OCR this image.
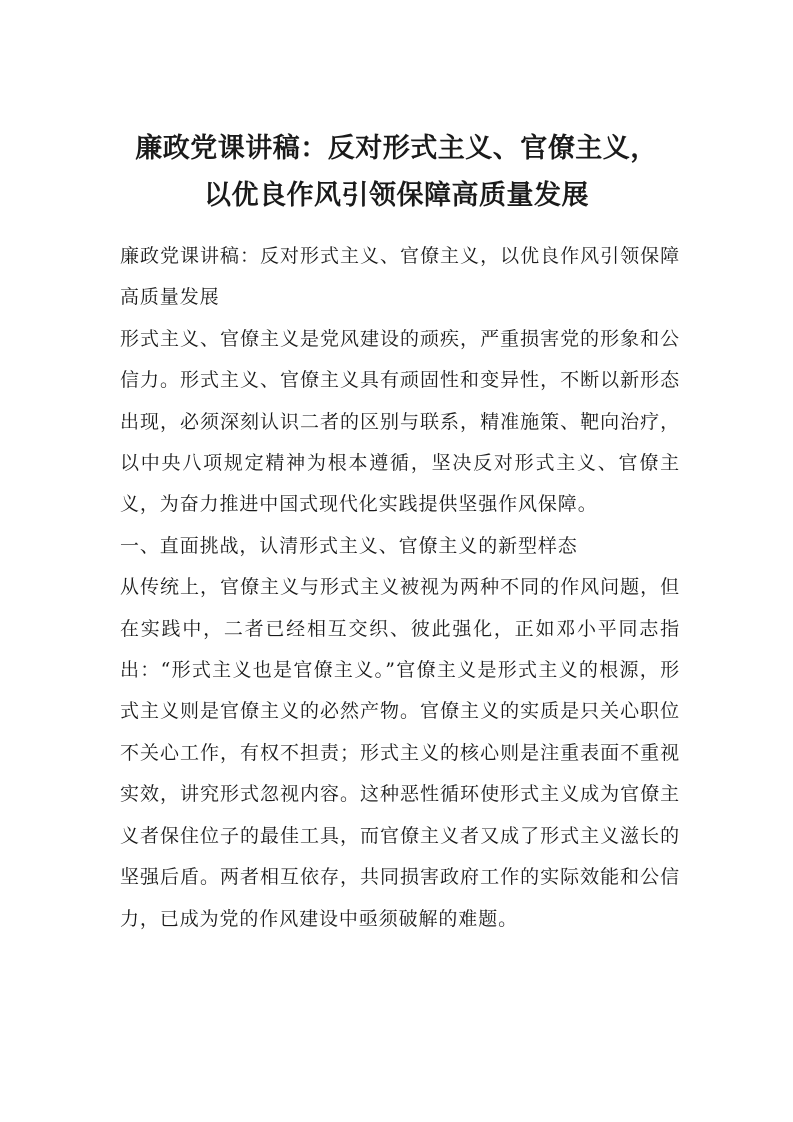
廉政党课讲稿：反对形式主义、官僚主义，
以优良作风引领保障高质量发展

廉政党课讲稿：反对形式主义、官僚主义，以优良作风引领保障高质量发展

形式主义、官僚主义是党风建设的顽疾，严重损害党的形象和公信力。形式主义、官僚主义具有顽固性和变异性，不断以新形态出现，必须深刻认识二者的区别与联系，精准施策、靶向治疗，以中央八项规定精神为根本遵循，坚决反对形式主义、官僚主义，为奋力推进中国式现代化实践提供坚强作风保障。

一、直面挑战，认清形式主义、官僚主义的新型样态

从传统上，官僚主义与形式主义被视为两种不同的作风问题，但在实践中，二者已经相互交织、彼此强化，正如邓小平同志指出：“形式主义也是官僚主义。”官僚主义是形式主义的根源，形式主义则是官僚主义的必然产物。官僚主义的实质是只关心职位不关心工作，有权不担责；形式主义的核心则是注重表面不重视实效，讲究形式忽视内容。这种恶性循环使形式主义成为官僚主义者保住位子的最佳工具，而官僚主义者又成了形式主义滋长的坚强后盾。两者相互依存，共同损害政府工作的实际效能和公信力，已成为党的作风建设中亟须破解的难题。
